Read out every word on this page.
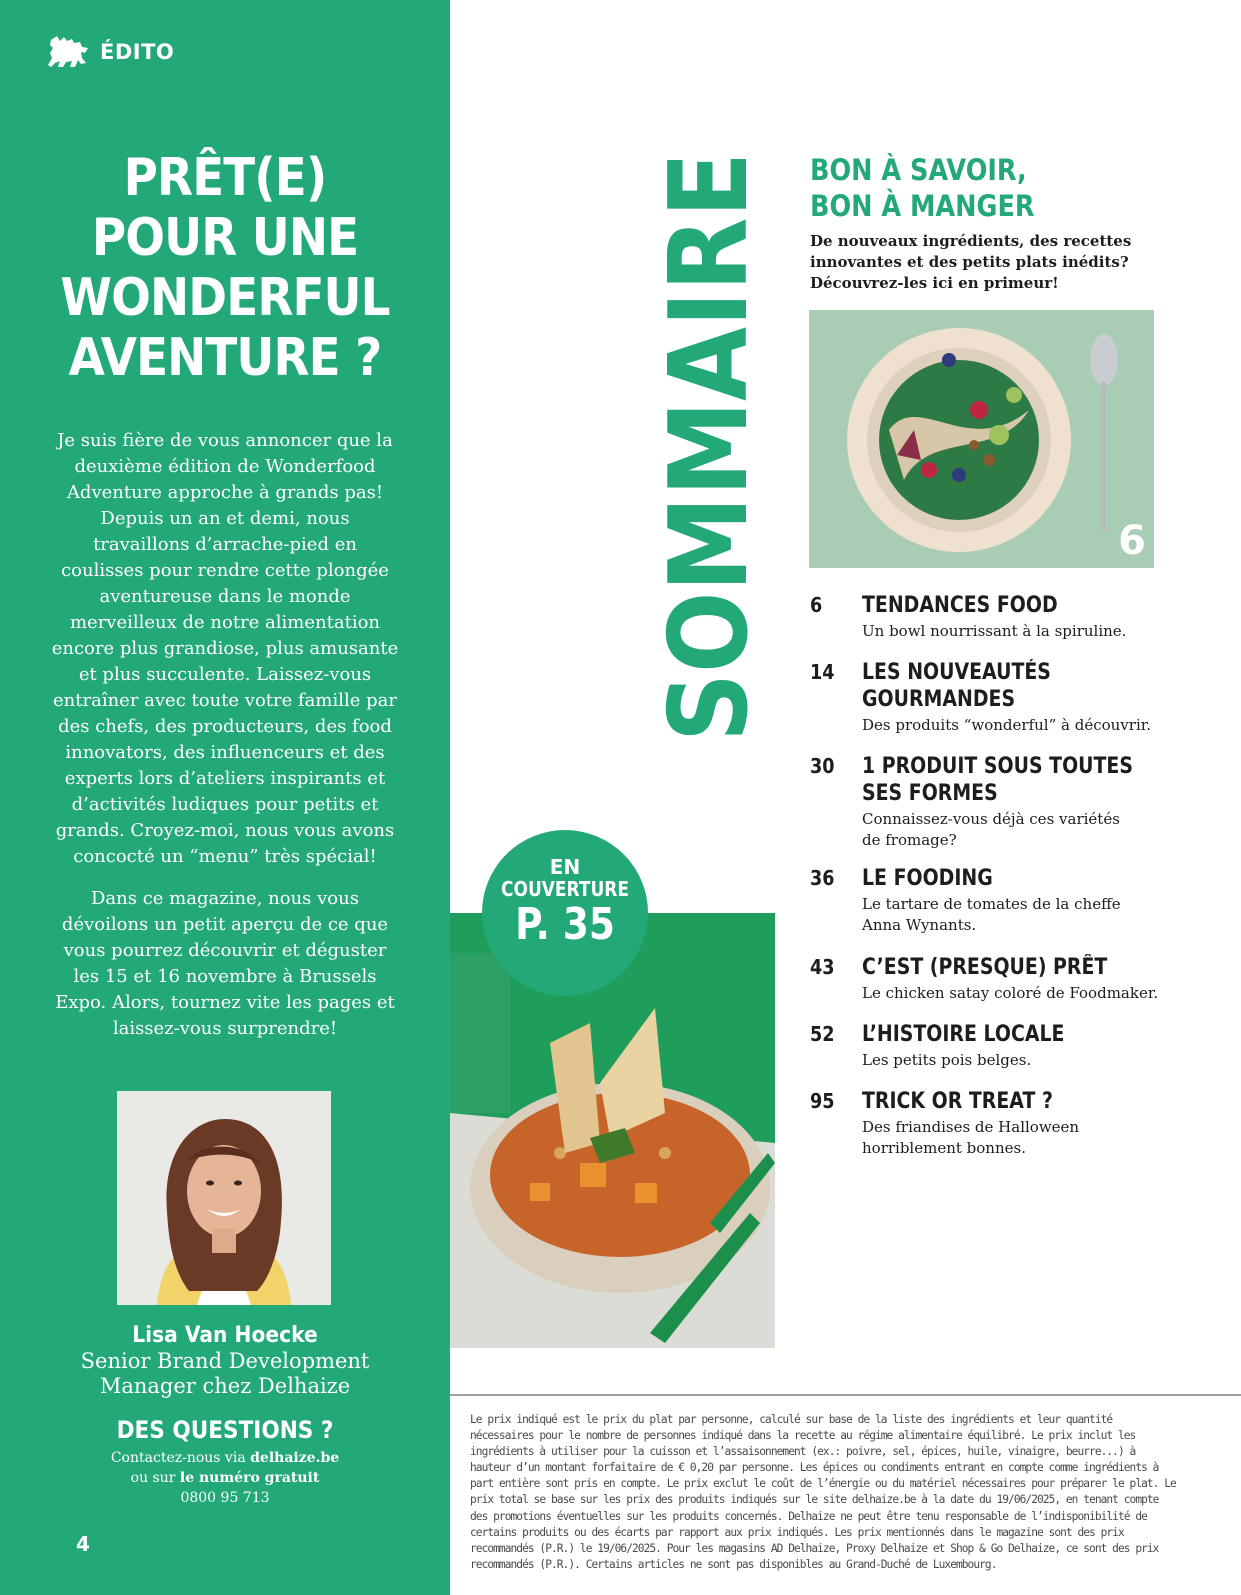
ÉDITO
PRÊT(E)
POUR UNE
WONDERFUL
AVENTURE ?

Je suis fière de vous annoncer que la deuxième édition de Wonderfood Adventure approche à grands pas! Depuis un an et demi, nous travaillons d’arrache-pied en coulisses pour rendre cette plongée aventureuse dans le monde merveilleux de notre alimentation encore plus grandiose, plus amusante et plus succulente. Laissez-vous entraîner avec toute votre famille par des chefs, des producteurs, des food innovators, des influenceurs et des experts lors d’ateliers inspirants et d’activités ludiques pour petits et grands. Croyez-moi, nous vous avons concocté un “menu” très spécial!

Dans ce magazine, nous vous dévoilons un petit aperçu de ce que vous pourrez découvrir et déguster les 15 et 16 novembre à Brussels Expo. Alors, tournez vite les pages et laissez-vous surprendre!

Lisa Van Hoecke
Senior Brand Development
Manager chez Delhaize
DES QUESTIONS ?
Contactez-nous via delhaize.be
ou sur le numéro gratuit
0800 95 713
4
SOMMAIRE BON À SAVOIR,
BON À MANGER

De nouveaux ingrédients, des recettes innovantes et des petits plats inédits? Découvrez-les ici en primeur!

6
6	TENDANCES FOOD
Un bowl nourrissant à la spiruline.
14	LES NOUVEAUTÉS
GOURMANDES
Des produits “wonderful” à découvrir.
30	1 PRODUIT SOUS TOUTES
SES FORMES
Connaissez-vous déjà ces variétés de fromage?
36	LE FOODING
Le tartare de tomates de la cheffe Anna Wynants.
43	C’EST (PRESQUE) PRÊT
Le chicken satay coloré de Foodmaker.
52	L’HISTOIRE LOCALE
Les petits pois belges.
95	TRICK OR TREAT ?
Des friandises de Halloween horriblement bonnes.
EN
COUVERTURE
P. 35

Le prix indiqué est le prix du plat par personne, calculé sur base de la liste des ingrédients et leur quantité nécessaires pour le nombre de personnes indiqué dans la recette au régime alimentaire équilibré. Le prix inclut les ingrédients à utiliser pour la cuisson et l’assaisonnement (ex.: poivre, sel, épices, huile, vinaigre, beurre...) à hauteur d’un montant forfaitaire de € 0,20 par personne. Les épices ou condiments entrant en compte comme ingrédients à part entière sont pris en compte. Le prix exclut le coût de l’énergie ou du matériel nécessaires pour préparer le plat. Le prix total se base sur les prix des produits indiqués sur le site delhaize.be à la date du 19/06/2025, en tenant compte des promotions éventuelles sur les produits concernés. Delhaize ne peut être tenu responsable de l’indisponibilité de certains produits ou des écarts par rapport aux prix indiqués. Les prix mentionnés dans le magazine sont des prix recommandés (P.R.) le 19/06/2025. Pour les magasins AD Delhaize, Proxy Delhaize et Shop & Go Delhaize, ce sont des prix recommandés (P.R.). Certains articles ne sont pas disponibles au Grand-Duché de Luxembourg.
